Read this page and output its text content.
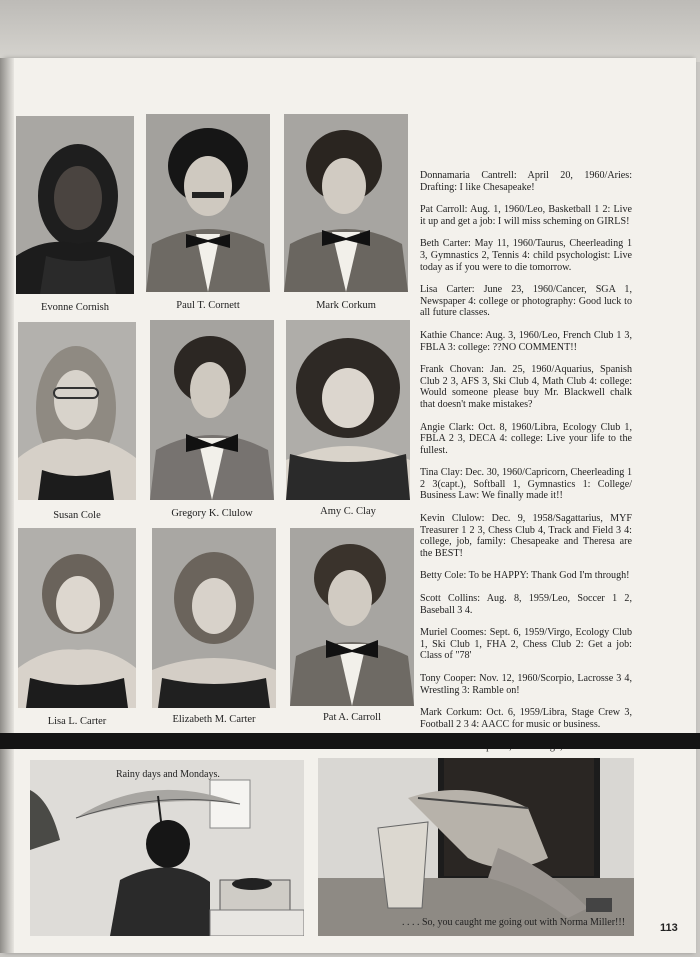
Evonne Cornish	Paul T. Cornett	Mark Corkum
Susan Cole	Gregory K. Clulow	Amy C. Clay
Lisa L. Carter	Elizabeth M. Carter	Pat A. Carroll

Donnamaria Cantrell: April 20, 1960/Aries: Drafting: I like Chesapeake!

Pat Carroll: Aug. 1, 1960/Leo, Basketball 1 2: Live it up and get a job: I will miss scheming on GIRLS!

Beth Carter: May 11, 1960/Taurus, Cheerleading 1 3, Gymnastics 2, Tennis 4: child psychologist: Live today as if you were to die tomorrow.

Lisa Carter: June 23, 1960/Cancer, SGA 1, Newspaper 4: college or photography: Good luck to all future classes.

Kathie Chance: Aug. 3, 1960/Leo, French Club 1 3, FBLA 3: college: ??NO COMMENT!!

Frank Chovan: Jan. 25, 1960/Aquarius, Spanish Club 2 3, AFS 3, Ski Club 4, Math Club 4: college: Would someone please buy Mr. Blackwell chalk that doesn't make mistakes?

Angie Clark: Oct. 8, 1960/Libra, Ecology Club 1, FBLA 2 3, DECA 4: college: Live your life to the fullest.

Tina Clay: Dec. 30, 1960/Capricorn, Cheerleading 1 2 3(capt.), Softball 1, Gymnastics 1: College/ Business Law: We finally made it!!

Kevin Clulow: Dec. 9, 1958/Sagattarius, MYF Treasurer 1 2 3, Chess Club 4, Track and Field 3 4: college, job, family: Chesapeake and Theresa are the BEST!

Betty Cole: To be HAPPY: Thank God I'm through!

Scott Collins: Aug. 8, 1959/Leo, Soccer 1 2, Baseball 3 4.

Muriel Coomes: Sept. 6, 1959/Virgo, Ecology Club 1, Ski Club 1, FHA 2, Chess Club 2: Get a job: Class of "78'

Tony Cooper: Nov. 12, 1960/Scorpio, Lacrosse 3 4, Wrestling 3: Ramble on!

Mark Corkum: Oct. 6, 1959/Libra, Stage Crew 3, Football 2 3 4: AACC for music or business.

Rainy days and Mondays.
. . . . So, you caught me going out with Norma Miller!!!	113
